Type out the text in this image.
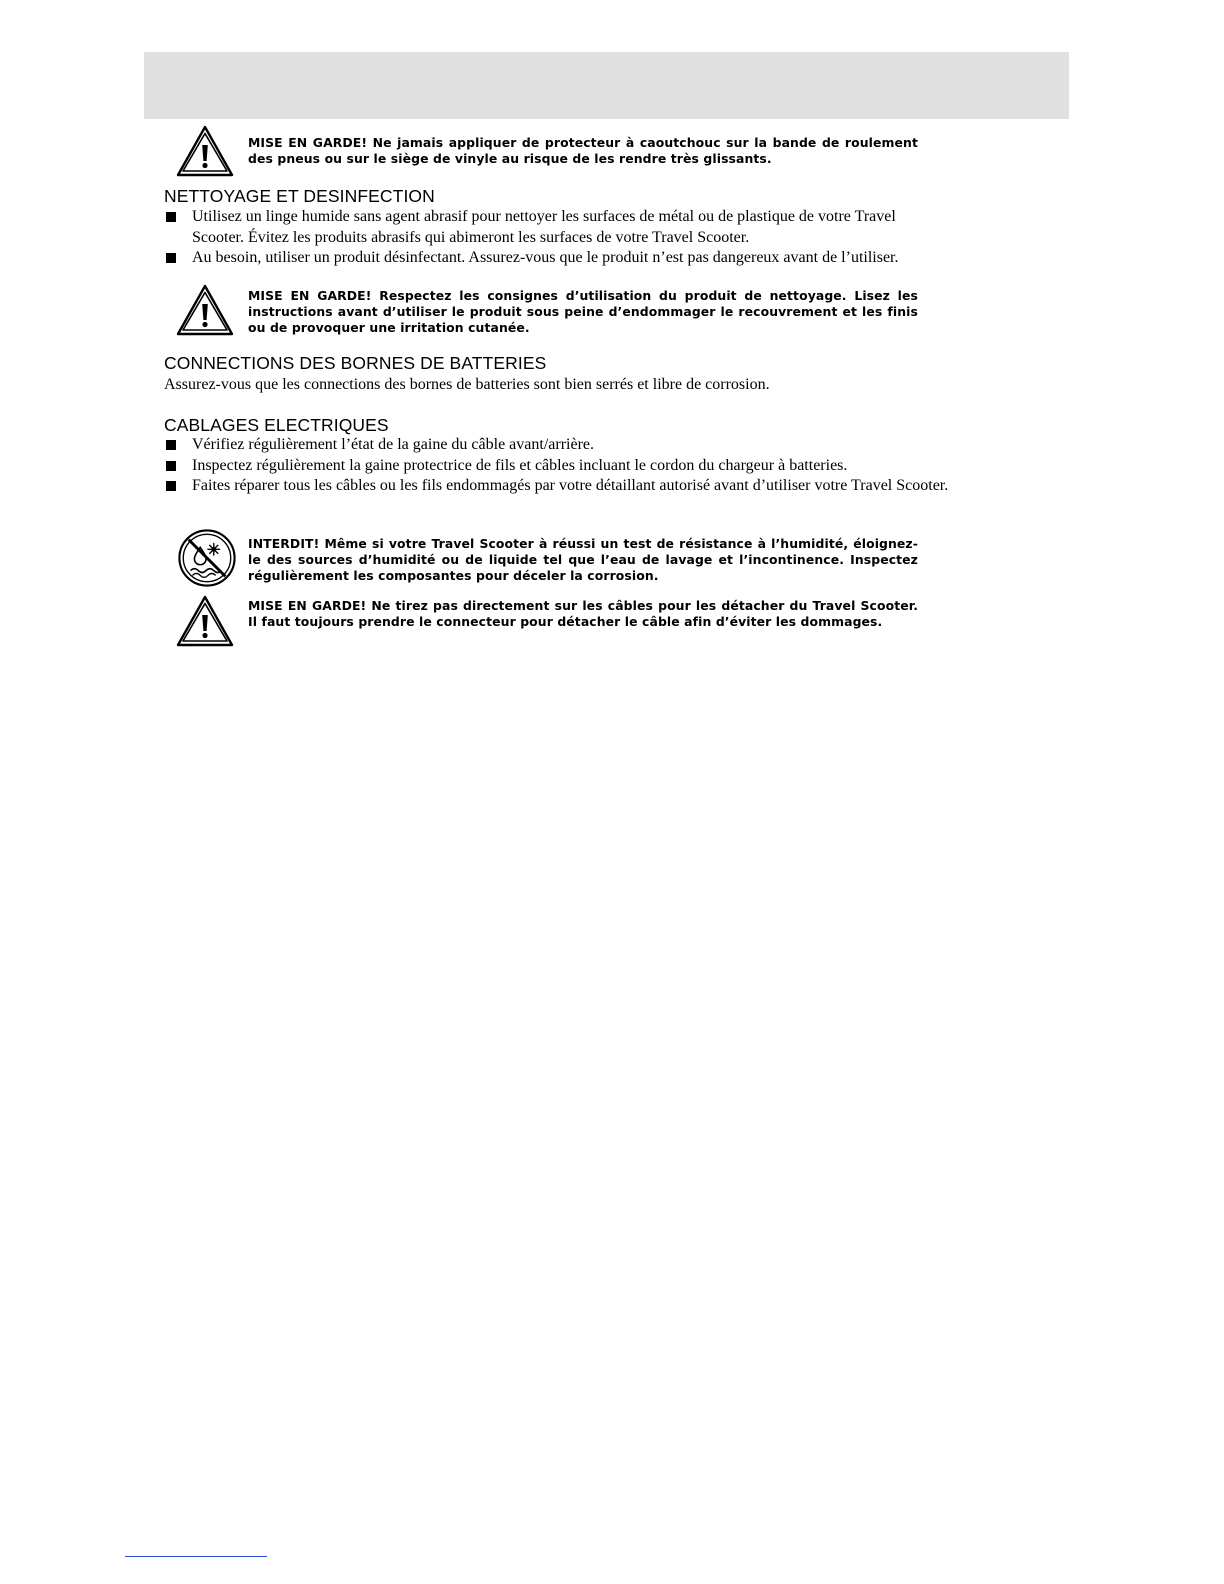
MISE EN GARDE! Ne jamais appliquer de protecteur à caoutchouc sur la bande de roulement des pneus ou sur le siège de vinyle au risque de les rendre très glissants.
NETTOYAGE ET DESINFECTION
Utilisez un linge humide sans agent abrasif pour nettoyer les surfaces de métal ou de plastique de votre Travel Scooter. Évitez les produits abrasifs qui abimeront les surfaces de votre Travel Scooter.
Au besoin, utiliser un produit désinfectant. Assurez-vous que le produit n’est pas dangereux avant de l’utiliser.
MISE EN GARDE! Respectez les consignes d’utilisation du produit de nettoyage. Lisez les instructions avant d’utiliser le produit sous peine d’endommager le recouvrement et les finis ou de provoquer une irritation cutanée.
CONNECTIONS DES BORNES DE BATTERIES

Assurez-vous que les connections des bornes de batteries sont bien serrés et libre de corrosion.

CABLAGES ELECTRIQUES
Vérifiez régulièrement l’état de la gaine du câble avant/arrière.
Inspectez régulièrement la gaine protectrice de fils et câbles incluant le cordon du chargeur à batteries.
Faites réparer tous les câbles ou les fils endommagés par votre détaillant autorisé avant d’utiliser votre Travel Scooter.
INTERDIT! Même si votre Travel Scooter à réussi un test de résistance à l’humidité, éloignez-le des sources d’humidité ou de liquide tel que l’eau de lavage et l’incontinence. Inspectez régulièrement les composantes pour déceler la corrosion.
MISE EN GARDE! Ne tirez pas directement sur les câbles pour les détacher du Travel Scooter. Il faut toujours prendre le connecteur pour détacher le câble afin d’éviter les dommages.
